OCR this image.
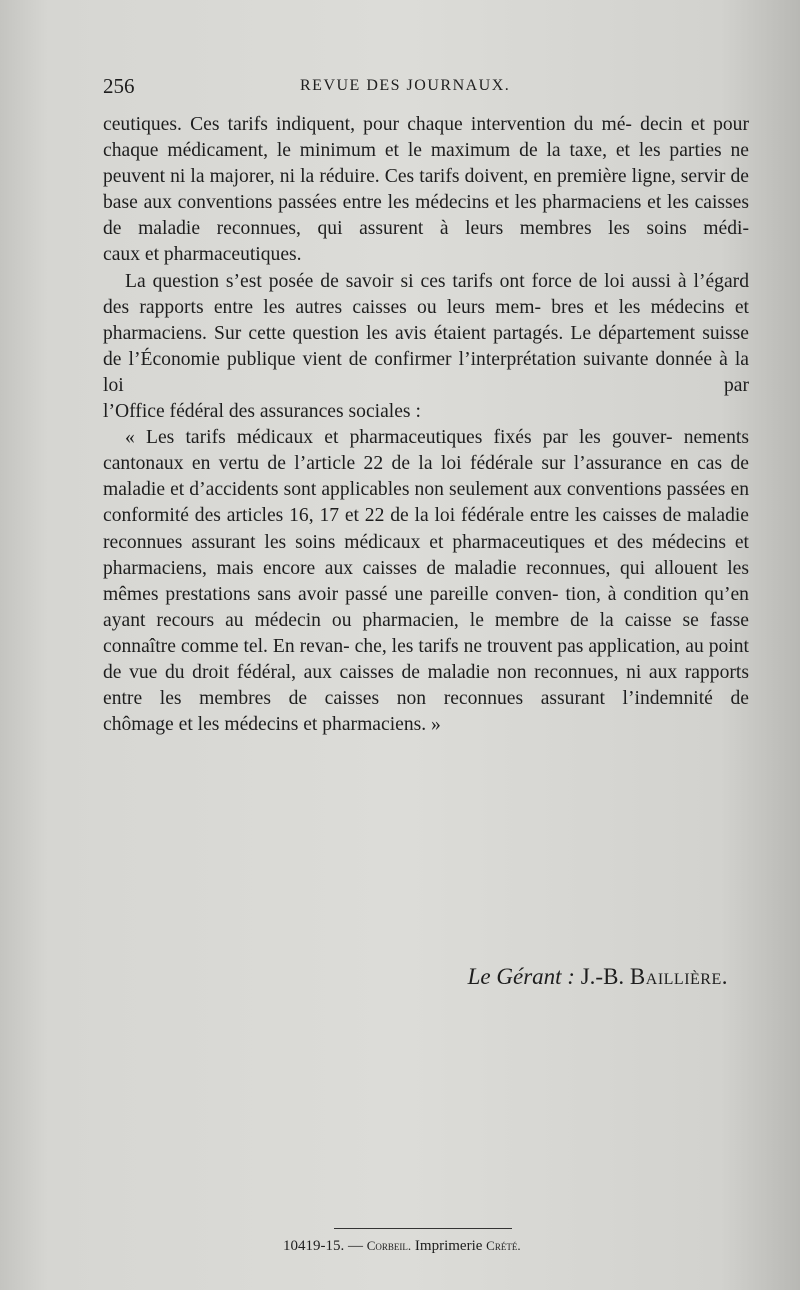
256	REVUE DES JOURNAUX.

ceutiques. Ces tarifs indiquent, pour chaque intervention du mé- decin et pour chaque médicament, le minimum et le maximum de la taxe, et les parties ne peuvent ni la majorer, ni la réduire. Ces tarifs doivent, en première ligne, servir de base aux conventions passées entre les médecins et les pharmaciens et les caisses de maladie reconnues, qui assurent à leurs membres les soins médi-

caux et pharmaceutiques.

La question s’est posée de savoir si ces tarifs ont force de loi aussi à l’égard des rapports entre les autres caisses ou leurs mem- bres et les médecins et pharmaciens. Sur cette question les avis étaient partagés. Le département suisse de l’Économie publique vient de confirmer l’interprétation suivante donnée à la loi par

l’Office fédéral des assurances sociales :

« Les tarifs médicaux et pharmaceutiques fixés par les gouver- nements cantonaux en vertu de l’article 22 de la loi fédérale sur l’assurance en cas de maladie et d’accidents sont applicables non seulement aux conventions passées en conformité des articles 16, 17 et 22 de la loi fédérale entre les caisses de maladie reconnues assurant les soins médicaux et pharmaceutiques et des médecins et pharmaciens, mais encore aux caisses de maladie reconnues, qui allouent les mêmes prestations sans avoir passé une pareille conven- tion, à condition qu’en ayant recours au médecin ou pharmacien, le membre de la caisse se fasse connaître comme tel. En revan- che, les tarifs ne trouvent pas application, au point de vue du droit fédéral, aux caisses de maladie non reconnues, ni aux rapports entre les membres de caisses non reconnues assurant l’indemnité de

chômage et les médecins et pharmaciens. »

Le Gérant : J.-B. Baillière.
10419-15. — Corbeil. Imprimerie Crété.
